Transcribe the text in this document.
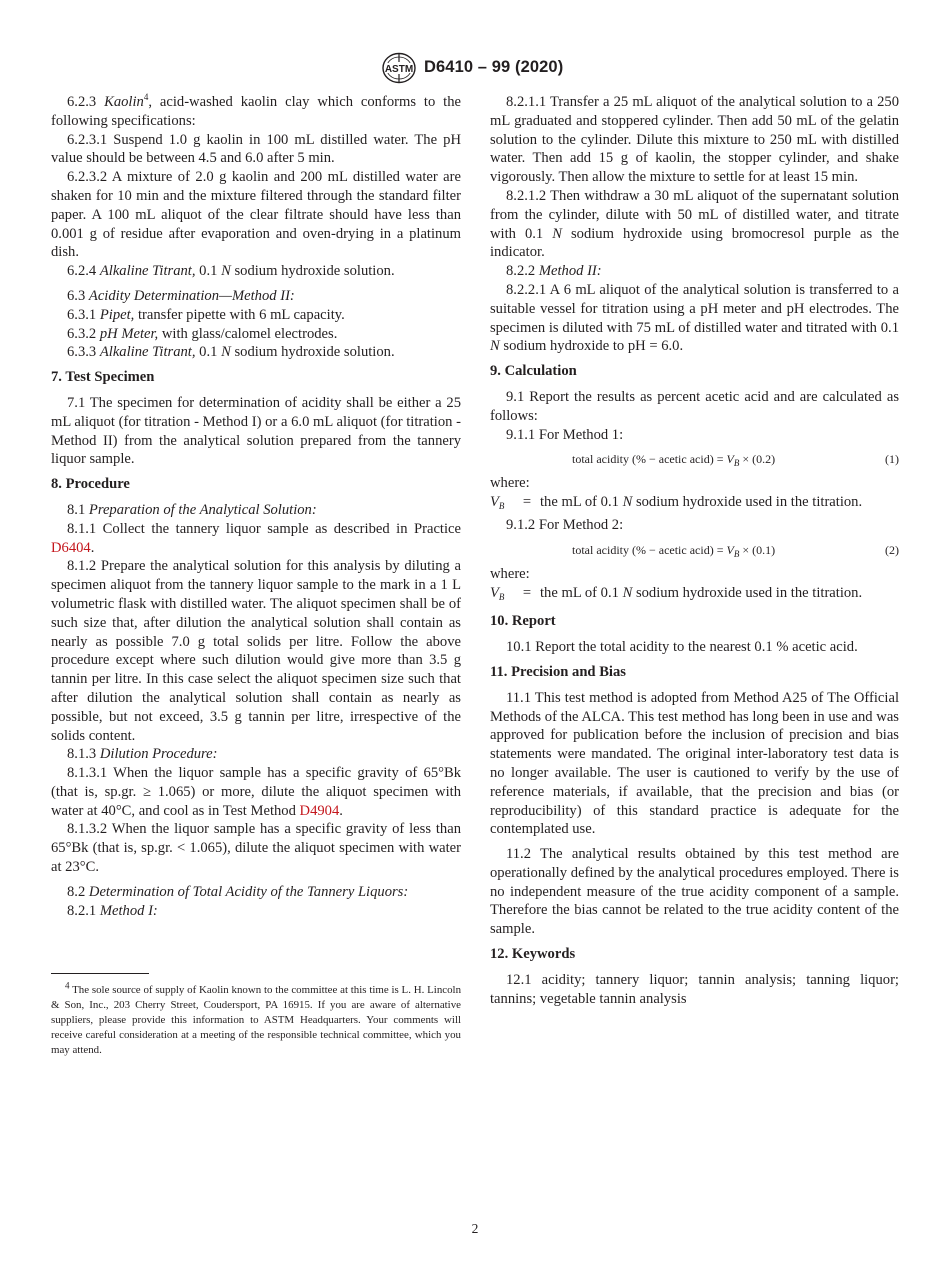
ASTM D6410 – 99 (2020)

6.2.3 Kaolin$^4$, acid-washed kaolin clay which conforms to the following specifications:

6.2.3.1 Suspend 1.0 g kaolin in 100 mL distilled water. The pH value should be between 4.5 and 6.0 after 5 min.

6.2.3.2 A mixture of 2.0 g kaolin and 200 mL distilled water are shaken for 10 min and the mixture filtered through the standard filter paper. A 100 mL aliquot of the clear filtrate should have less than 0.001 g of residue after evaporation and oven-drying in a platinum dish.

6.2.4 Alkaline Titrant, 0.1 N sodium hydroxide solution.

6.3 Acidity Determination—Method II:

6.3.1 Pipet, transfer pipette with 6 mL capacity.

6.3.2 pH Meter, with glass/calomel electrodes.

6.3.3 Alkaline Titrant, 0.1 N sodium hydroxide solution.

7. Test Specimen

7.1 The specimen for determination of acidity shall be either a 25 mL aliquot (for titration - Method I) or a 6.0 mL aliquot (for titration - Method II) from the analytical solution prepared from the tannery liquor sample.

8. Procedure

8.1 Preparation of the Analytical Solution:

8.1.1 Collect the tannery liquor sample as described in Practice D6404.

8.1.2 Prepare the analytical solution for this analysis by diluting a specimen aliquot from the tannery liquor sample to the mark in a 1 L volumetric flask with distilled water. The aliquot specimen shall be of such size that, after dilution the analytical solution shall contain as nearly as possible 7.0 g total solids per litre. Follow the above procedure except where such dilution would give more than 3.5 g tannin per litre. In this case select the aliquot specimen size such that after dilution the analytical solution shall contain as nearly as possible, but not exceed, 3.5 g tannin per litre, irrespective of the solids content.

8.1.3 Dilution Procedure:

8.1.3.1 When the liquor sample has a specific gravity of 65°Bk (that is, sp.gr. ≥ 1.065) or more, dilute the aliquot specimen with water at 40°C, and cool as in Test Method D4904.

8.1.3.2 When the liquor sample has a specific gravity of less than 65°Bk (that is, sp.gr. < 1.065), dilute the aliquot specimen with water at 23°C.

8.2 Determination of Total Acidity of the Tannery Liquors:

8.2.1 Method I:

$^4$ The sole source of supply of Kaolin known to the committee at this time is L. H. Lincoln & Son, Inc., 203 Cherry Street, Coudersport, PA 16915. If you are aware of alternative suppliers, please provide this information to ASTM Headquarters. Your comments will receive careful consideration at a meeting of the responsible technical committee, which you may attend.

8.2.1.1 Transfer a 25 mL aliquot of the analytical solution to a 250 mL graduated and stoppered cylinder. Then add 50 mL of the gelatin solution to the cylinder. Dilute this mixture to 250 mL with distilled water. Then add 15 g of kaolin, the stopper cylinder, and shake vigorously. Then allow the mixture to settle for at least 15 min.

8.2.1.2 Then withdraw a 30 mL aliquot of the supernatant solution from the cylinder, dilute with 50 mL of distilled water, and titrate with 0.1 N sodium hydroxide using bromocresol purple as the indicator.

8.2.2 Method II:

8.2.2.1 A 6 mL aliquot of the analytical solution is transferred to a suitable vessel for titration using a pH meter and pH electrodes. The specimen is diluted with 75 mL of distilled water and titrated with 0.1 N sodium hydroxide to pH = 6.0.

9. Calculation

9.1 Report the results as percent acetic acid and are calculated as follows:

9.1.1 For Method 1:

total acidity (% − acetic acid) = $V_B \times (0.2)$	(1)

where:

$V_B$	= the mL of 0.1 N sodium hydroxide used in the titration.

9.1.2 For Method 2:

total acidity (% − acetic acid) = $V_B \times (0.1)$	(2)

where:

$V_B$	= the mL of 0.1 N sodium hydroxide used in the titration.

10. Report

10.1 Report the total acidity to the nearest 0.1 % acetic acid.

11. Precision and Bias

11.1 This test method is adopted from Method A25 of The Official Methods of the ALCA. This test method has long been in use and was approved for publication before the inclusion of precision and bias statements were mandated. The original inter-laboratory test data is no longer available. The user is cautioned to verify by the use of reference materials, if available, that the precision and bias (or reproducibility) of this standard practice is adequate for the contemplated use.

11.2 The analytical results obtained by this test method are operationally defined by the analytical procedures employed. There is no independent measure of the true acidity component of a sample. Therefore the bias cannot be related to the true acidity content of the sample.

12. Keywords

12.1 acidity; tannery liquor; tannin analysis; tanning liquor; tannins; vegetable tannin analysis

2
